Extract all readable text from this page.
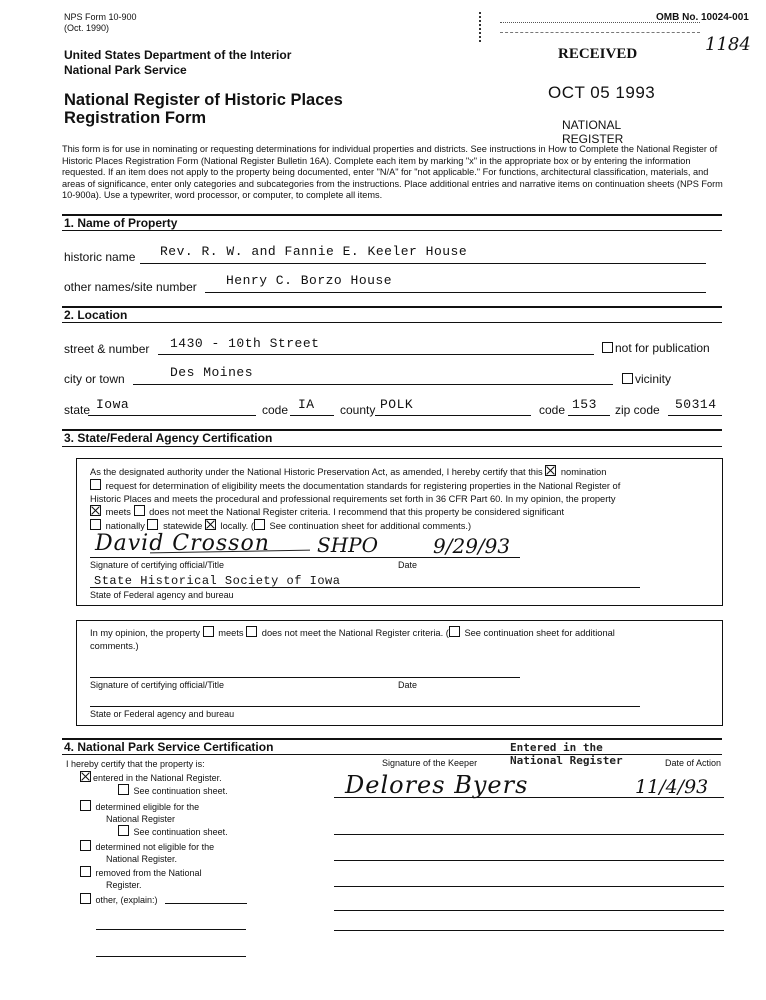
NPS Form 10-900
(Oct. 1990)
OMB No. 10024-001
1184
United States Department of the Interior
National Park Service
National Register of Historic Places
Registration Form
RECEIVED
OCT 05 1993
NATIONAL
REGISTER
This form is for use in nominating or requesting determinations for individual properties and districts. See instructions in How to Complete the National Register of Historic Places Registration Form (National Register Bulletin 16A). Complete each item by marking "x" in the appropriate box or by entering the information requested. If an item does not apply to the property being documented, enter "N/A" for "not applicable." For functions, architectural classification, materials, and areas of significance, enter only categories and subcategories from the instructions. Place additional entries and narrative items on continuation sheets (NPS Form 10-900a). Use a typewriter, word processor, or computer, to complete all items.
1. Name of Property
historic name Rev. R. W. and Fannie E. Keeler House
other names/site number Henry C. Borzo House
2. Location
street & number 1430 - 10th Street	not for publication
city or town	Des Moines	vicinity
state Iowa	code IA county POLK	code 153 zip code 50314
3. State/Federal Agency Certification
As the designated authority under the National Historic Preservation Act, as amended, I hereby certify that this nomination
request for determination of eligibility meets the documentation standards for registering properties in the National Register of
Historic Places and meets the procedural and professional requirements set forth in 36 CFR Part 60. In my opinion, the property
meets does not meet the National Register criteria. I recommend that this property be considered significant
nationally statewide locally. ( See continuation sheet for additional comments.)
David Crosson SHPO	9/29/93
Signature of certifying official/Title	Date
State Historical Society of Iowa
State of Federal agency and bureau
In my opinion, the property meets does not meet the National Register criteria. ( See continuation sheet for additional
comments.)
Signature of certifying official/Title	Date
State or Federal agency and bureau
4. National Park Service Certification
I hereby certify that the property is:	Signature of the Keeper	Date of Action
Entered in the
National Register
Delores Byers	11/4/93
entered in the National Register.
See continuation sheet.
determined eligible for the
National Register
See continuation sheet.
determined not eligible for the
National Register.
removed from the National
Register.
other, (explain:)
